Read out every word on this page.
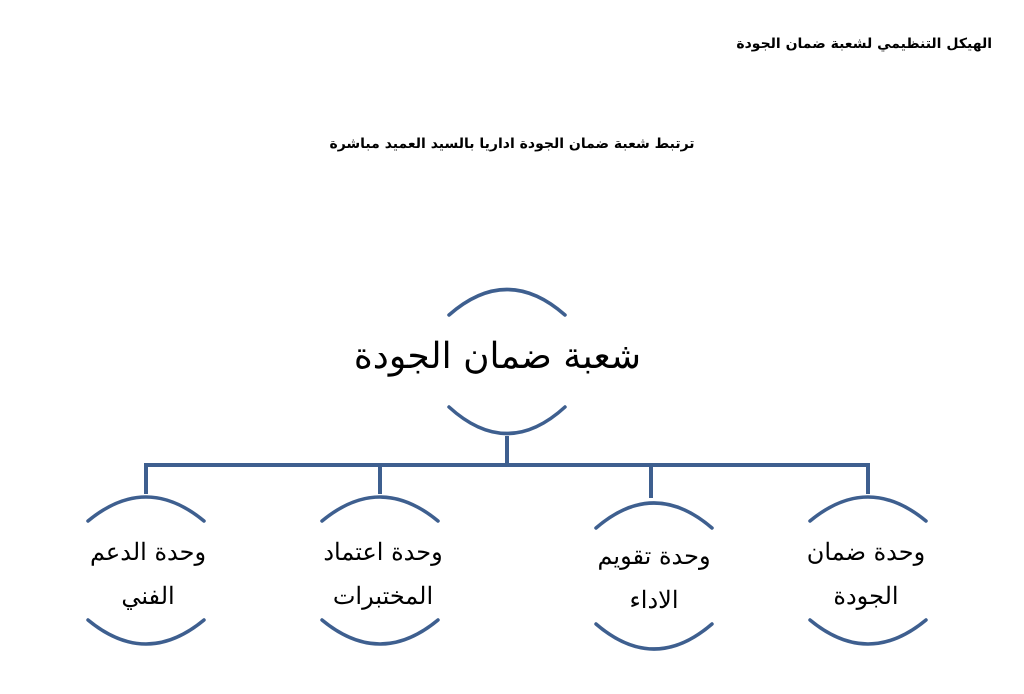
الهيكل التنظيمي لشعبة ضمان الجودة
ترتبط شعبة ضمان الجودة اداريا بالسيد العميد مباشرة
شعبة ضمان الجودة
وحدة ضمان
الجودة
وحدة تقويم
الاداء
وحدة اعتماد
المختبرات
وحدة الدعم
الفني
